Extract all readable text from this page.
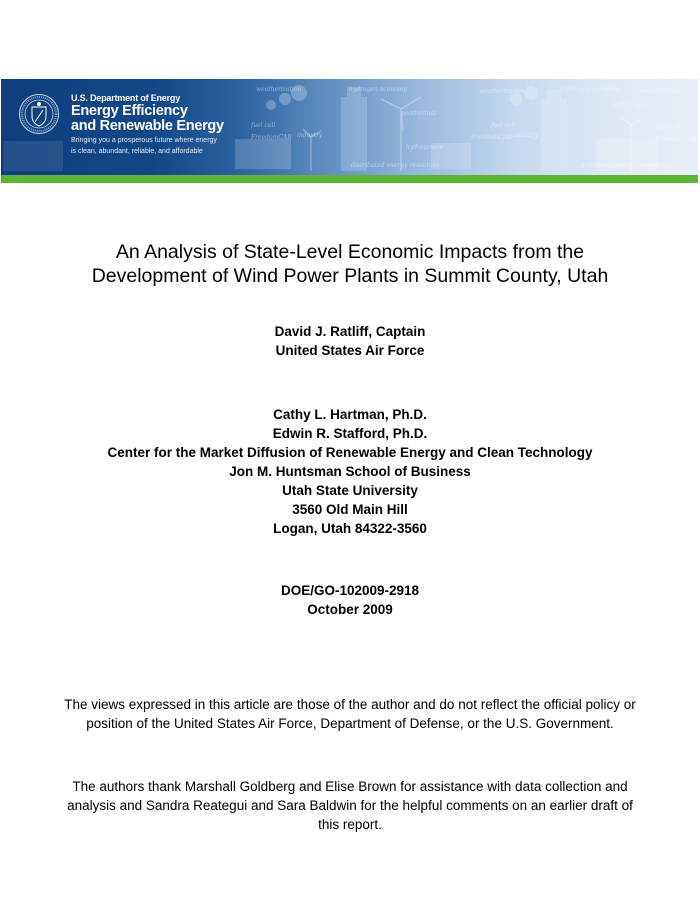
weatherization	hydrogen economy
geothermal
fuel cell
FreedomCAR industry
hydropower
distributed energy resources
weatherization	hydrogen economy
geothermal
fuel cell
FreedomCAR industry
weatherization
fuel cell
FreedomCAR
distributed energy resources
U.S. Department of Energy
Energy Efficiency
and Renewable Energy
Bringing you a prosperous future where energy
is clean, abundant, reliable, and affordable
An Analysis of State-Level Economic Impacts from the
Development of Wind Power Plants in Summit County, Utah
David J. Ratliff, Captain
United States Air Force
Cathy L. Hartman, Ph.D.
Edwin R. Stafford, Ph.D.
Center for the Market Diffusion of Renewable Energy and Clean Technology
Jon M. Huntsman School of Business
Utah State University
3560 Old Main Hill
Logan, Utah 84322-3560
DOE/GO-102009-2918
October 2009
The views expressed in this article are those of the author and do not reflect the official policy or
position of the United States Air Force, Department of Defense, or the U.S. Government.
The authors thank Marshall Goldberg and Elise Brown for assistance with data collection and
analysis and Sandra Reategui and Sara Baldwin for the helpful comments on an earlier draft of
this report.
